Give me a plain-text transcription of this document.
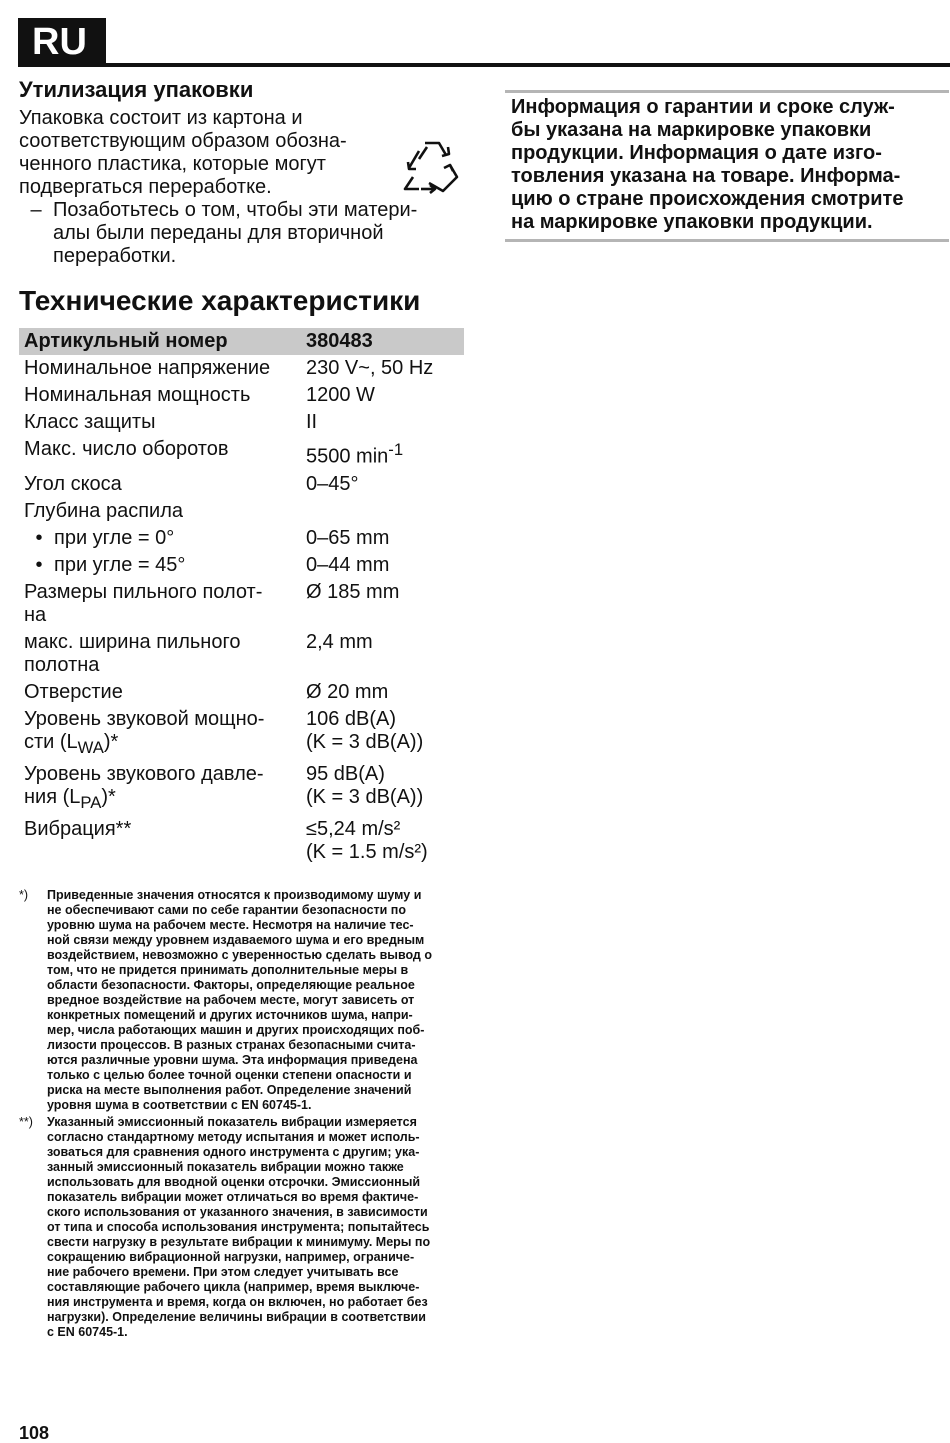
RU
Утилизация упаковки

Упаковка состоит из картона и
соответствующим образом обозна-
ченного пластика, которые могут
подвергаться переработке.

– Позаботьтесь о том, чтобы эти матери-
алы были переданы для вторичной
переработки.
Технические характеристики
Артикульный номер	380483
Номинальное напряжение	230 V~, 50 Hz
Номинальная мощность	1200 W
Класс защиты	II
Макс. число оборотов	5500 $\min^{-1}$
Угол скоса	0–45°
Глубина распила	
• при угле = 0°	0–65 mm
• при угле = 45°	0–44 mm
Размеры пильного полот-
на	Ø 185 mm
макс. ширина пильного
полотна	2,4 mm
Отверстие	Ø 20 mm
Уровень звуковой мощно-
сти $(L_{WA})*$	106 dB(A)
(K = 3 dB(A))
Уровень звукового давле-
ния $(L_{PA})*$	95 dB(A)
(K = 3 dB(A))
Вибрация**	≤5,24 m/s²
(K = 1.5 m/s²)
*)	Приведенные значения относятся к производимому шуму и
не обеспечивают сами по себе гарантии безопасности по
уровню шума на рабочем месте. Несмотря на наличие тес-
ной связи между уровнем издаваемого шума и его вредным
воздействием, невозможно с уверенностью сделать вывод о
том, что не придется принимать дополнительные меры в
области безопасности. Факторы, определяющие реальное
вредное воздействие на рабочем месте, могут зависеть от
конкретных помещений и других источников шума, напри-
мер, числа работающих машин и других происходящих поб-
лизости процессов. В разных странах безопасными счита-
ются различные уровни шума. Эта информация приведена
только с целью более точной оценки степени опасности и
риска на месте выполнения работ. Определение значений
уровня шума в соответствии с EN 60745-1.
**)	Указанный эмиссионный показатель вибрации измеряется
согласно стандартному методу испытания и может исполь-
зоваться для сравнения одного инструмента с другим; ука-
занный эмиссионный показатель вибрации можно также
использовать для вводной оценки отсрочки. Эмиссионный
показатель вибрации может отличаться во время фактиче-
ского использования от указанного значения, в зависимости
от типа и способа использования инструмента; попытайтесь
свести нагрузку в результате вибрации к минимуму. Меры по
сокращению вибрационной нагрузки, например, ограниче-
ние рабочего времени. При этом следует учитывать все
составляющие рабочего цикла (например, время выключе-
ния инструмента и время, когда он включен, но работает без
нагрузки). Определение величины вибрации в соответствии
с EN 60745-1.
Информация о гарантии и сроке служ-
бы указана на маркировке упаковки
продукции. Информация о дате изго-
товления указана на товаре. Информа-
цию о стране происхождения смотрите
на маркировке упаковки продукции.
108
